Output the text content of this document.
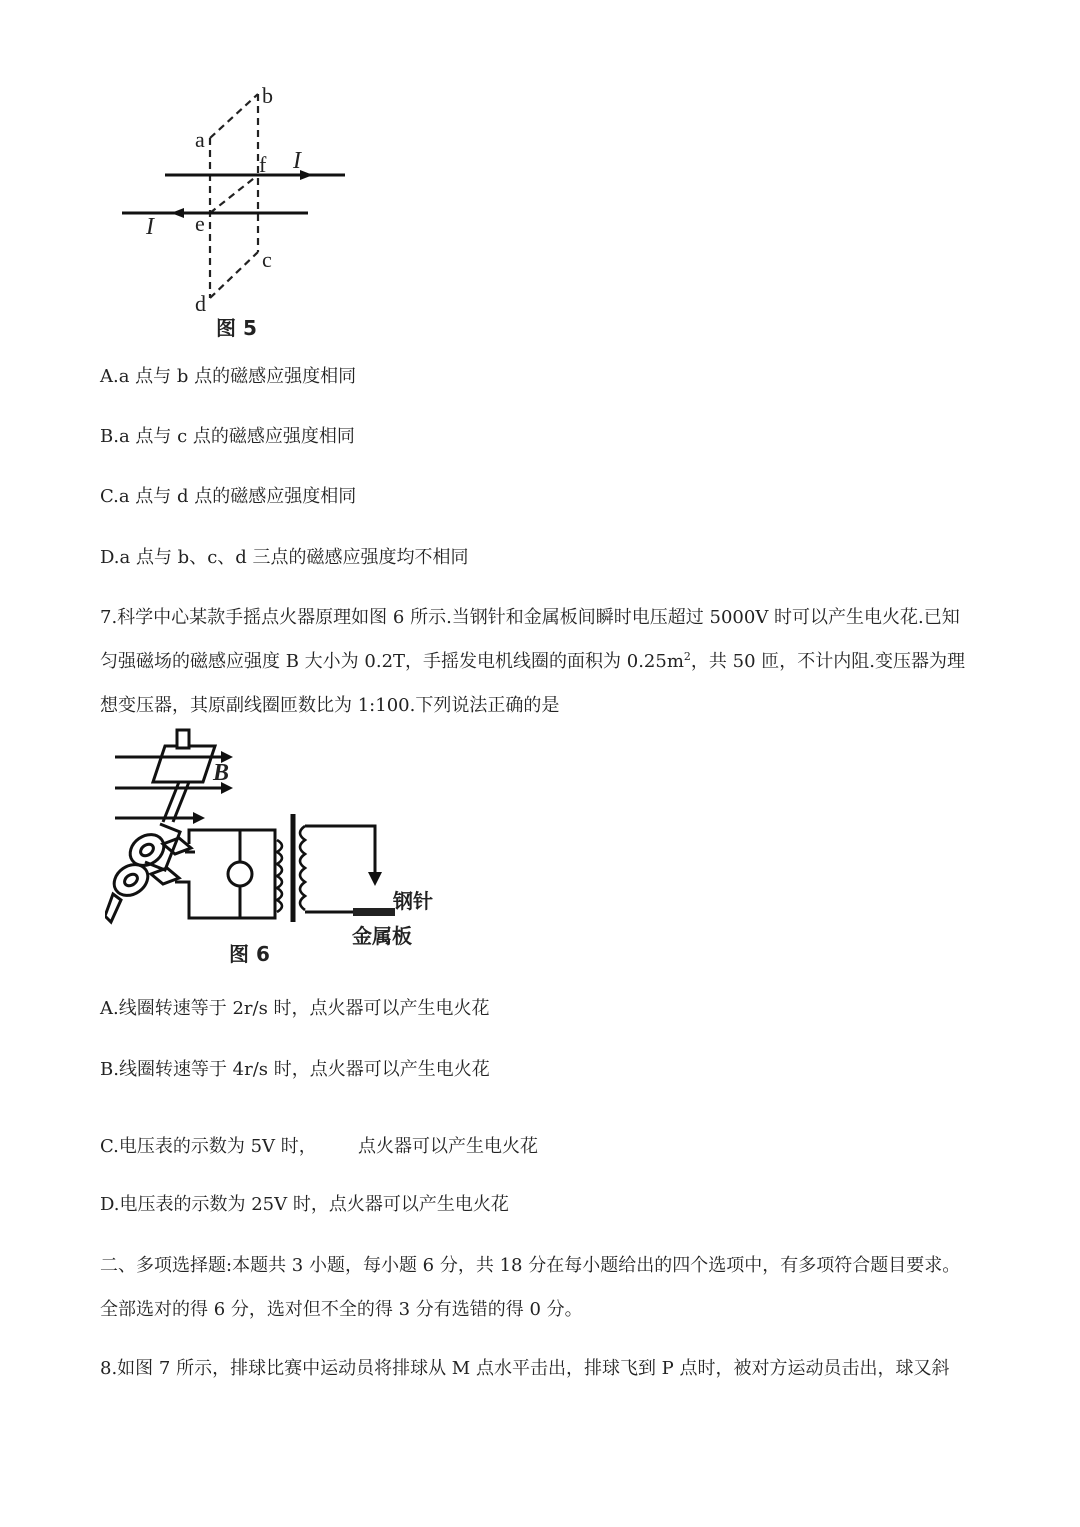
b
a
f I
I e
c
d
图 5
A.a 点与 b 点的磁感应强度相同
B.a 点与 c 点的磁感应强度相同
C.a 点与 d 点的磁感应强度相同
D.a 点与 b、c、d 三点的磁感应强度均不相同
7.科学中心某款手摇点火器原理如图 6 所示.当钢针和金属板间瞬时电压超过 5000V 时可以产生电火花.已知
匀强磁场的磁感应强度 B 大小为 0.2T，手摇发电机线圈的面积为 $0.25m^2$，共 50 匝，不计内阻.变压器为理
想变压器，其原副线圈匝数比为 1:100.下列说法正确的是
B
钢针
金属板
图 6
A.线圈转速等于 2r/s 时，点火器可以产生电火花
B.线圈转速等于 4r/s 时，点火器可以产生电火花
C.电压表的示数为 5V 时， 点火器可以产生电火花
D.电压表的示数为 25V 时，点火器可以产生电火花
二、多项选择题:本题共 3 小题，每小题 6 分，共 18 分在每小题给出的四个选项中，有多项符合题目要求。
全部选对的得 6 分，选对但不全的得 3 分有选错的得 0 分。
8.如图 7 所示，排球比赛中运动员将排球从 M 点水平击出，排球飞到 P 点时，被对方运动员击出，球又斜
